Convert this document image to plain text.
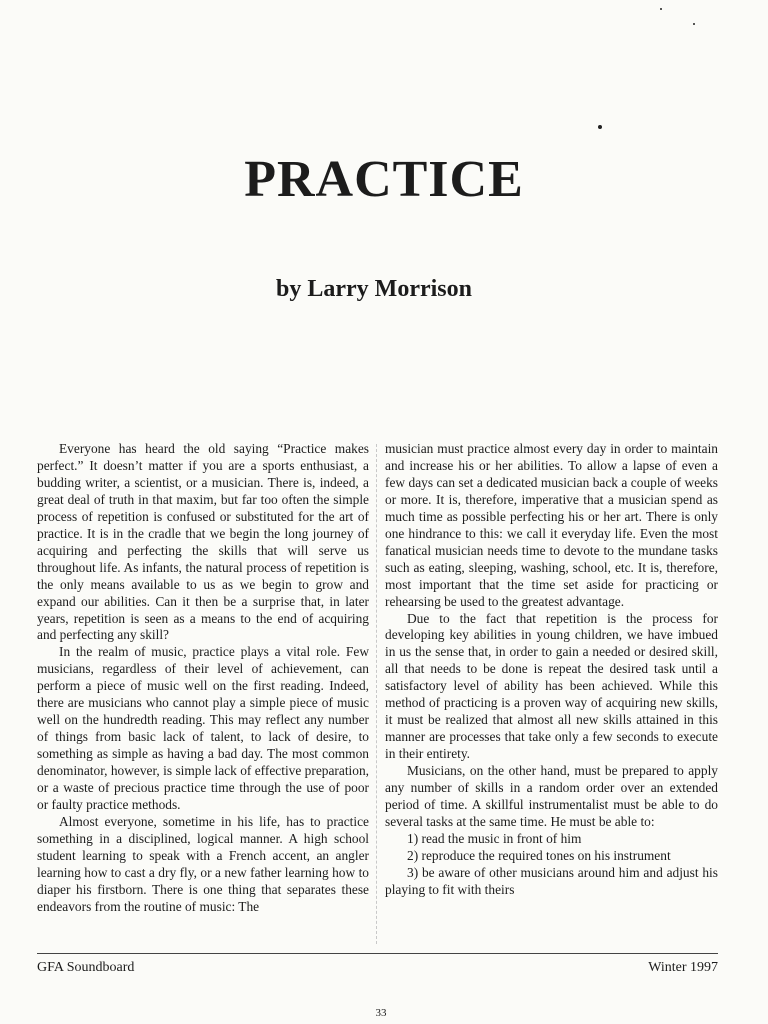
PRACTICE
by Larry Morrison

Everyone has heard the old saying “Practice makes perfect.” It doesn’t matter if you are a sports enthusiast, a budding writer, a scientist, or a musician. There is, indeed, a great deal of truth in that maxim, but far too often the simple process of repetition is confused or substituted for the art of practice. It is in the cradle that we begin the long journey of acquiring and perfecting the skills that will serve us throughout life. As infants, the natural process of repetition is the only means available to us as we begin to grow and expand our abilities. Can it then be a surprise that, in later years, repetition is seen as a means to the end of acquiring and perfecting any skill?

In the realm of music, practice plays a vital role. Few musicians, regardless of their level of achievement, can perform a piece of music well on the first reading. Indeed, there are musicians who cannot play a simple piece of music well on the hundredth reading. This may reflect any number of things from basic lack of talent, to lack of desire, to something as simple as having a bad day. The most common denominator, however, is simple lack of effective preparation, or a waste of precious practice time through the use of poor or faulty practice methods.

Almost everyone, sometime in his life, has to practice something in a disciplined, logical manner. A high school student learning to speak with a French accent, an angler learning how to cast a dry fly, or a new father learning how to diaper his firstborn. There is one thing that separates these endeavors from the routine of music: The

musician must practice almost every day in order to maintain and increase his or her abilities. To allow a lapse of even a few days can set a dedicated musician back a couple of weeks or more. It is, therefore, imperative that a musician spend as much time as possible perfecting his or her art. There is only one hindrance to this: we call it everyday life. Even the most fanatical musician needs time to devote to the mundane tasks such as eating, sleeping, washing, school, etc. It is, therefore, most important that the time set aside for practicing or rehearsing be used to the greatest advantage.

Due to the fact that repetition is the process for developing key abilities in young children, we have imbued in us the sense that, in order to gain a needed or desired skill, all that needs to be done is repeat the desired task until a satisfactory level of ability has been achieved. While this method of practicing is a proven way of acquiring new skills, it must be realized that almost all new skills attained in this manner are processes that take only a few seconds to execute in their entirety.

Musicians, on the other hand, must be prepared to apply any number of skills in a random order over an extended period of time. A skillful instrumentalist must be able to do several tasks at the same time. He must be able to:

1) read the music in front of him

2) reproduce the required tones on his instrument

3) be aware of other musicians around him and adjust his playing to fit with theirs

GFA Soundboard	Winter 1997
33
